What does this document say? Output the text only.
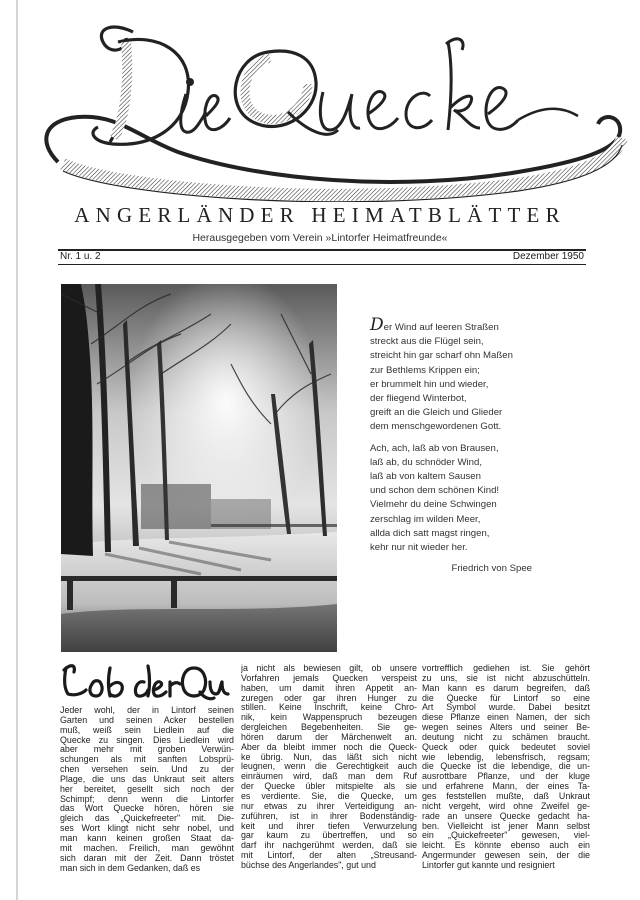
ANGERLÄNDER HEIMATBLÄTTER
Herausgegeben vom Verein »Lintorfer Heimatfreunde«
Nr. 1 u. 2	Dezember 1950
Der Wind auf leeren Straßen
streckt aus die Flügel sein,
streicht hin gar scharf ohn Maßen
zur Bethlems Krippen ein;
er brummelt hin und wieder,
der fliegend Winterbot,
greift an die Gleich und Glieder
dem menschgewordenen Gott.
Ach, ach, laß ab von Brausen,
laß ab, du schnöder Wind,
laß ab von kaltem Sausen
und schon dem schönen Kind!
Vielmehr du deine Schwingen
zerschlag im wilden Meer,
allda dich satt magst ringen,
kehr nur nit wieder her.
Friedrich von Spee
Jeder wohl, der in Lintorf seinen
Garten und seinen Acker bestellen
muß, weiß sein Liedlein auf die
Quecke zu singen. Dies Liedlein wird
aber mehr mit groben Verwün-
schungen als mit sanften Lobsprü-
chen versehen sein. Und zu der
Plage, die uns das Unkraut seit alters
her bereitet, gesellt sich noch der
Schimpf; denn wenn die Lintorfer
das Wort Quecke hören, hören sie
gleich das „Quickefreeter" mit. Die-
ses Wort klingt nicht sehr nobel, und
man kann keinen großen Staat da-
mit machen. Freilich, man gewöhnt
sich daran mit der Zeit. Dann tröstet
man sich in dem Gedanken, daß es
ja nicht als bewiesen gilt, ob unsere
Vorfahren jemals Quecken verspeist
haben, um damit ihren Appetit an-
zuregen oder gar ihren Hunger zu
stillen. Keine Inschrift, keine Chro-
nik, kein Wappenspruch bezeugen
dergleichen Begebenheiten. Sie ge-
hören darum der Märchenwelt an.
Aber da bleibt immer noch die Queck-
ke übrig. Nun, das läßt sich nicht
leugnen, wenn die Gerechtigkeit auch
einräumen wird, daß man dem Ruf
der Quecke übler mitspielte als sie
es verdiente. Sie, die Quecke, um
nur etwas zu ihrer Verteidigung an-
zuführen, ist in ihrer Bodenständig-
keit und ihrer tiefen Verwurzelung
gar kaum zu übertreffen, und so
darf ihr nachgerühmt werden, daß sie
mit Lintorf, der alten „Streusand-
büchse des Angerlandes", gut und
vortrefflich gediehen ist. Sie gehört
zu uns, sie ist nicht abzuschütteln.
Man kann es darum begreifen, daß
die Quecke für Lintorf so eine
Art Symbol wurde. Dabei besitzt
diese Pflanze einen Namen, der sich
wegen seines Alters und seiner Be-
deutung nicht zu schämen braucht.
Queck oder quick bedeutet soviel
wie lebendig, lebensfrisch, regsam;
die Quecke ist die lebendige, die un-
ausrottbare Pflanze, und der kluge
und erfahrene Mann, der eines Ta-
ges feststellen mußte, daß Unkraut
nicht vergeht, wird ohne Zweifel ge-
rade an unsere Quecke gedacht ha-
ben. Vielleicht ist jener Mann selbst
ein „Quickefreeter" gewesen, viel-
leicht. Es könnte ebenso auch ein
Angermunder gewesen sein, der die
Lintorfer gut kannte und resigniert
